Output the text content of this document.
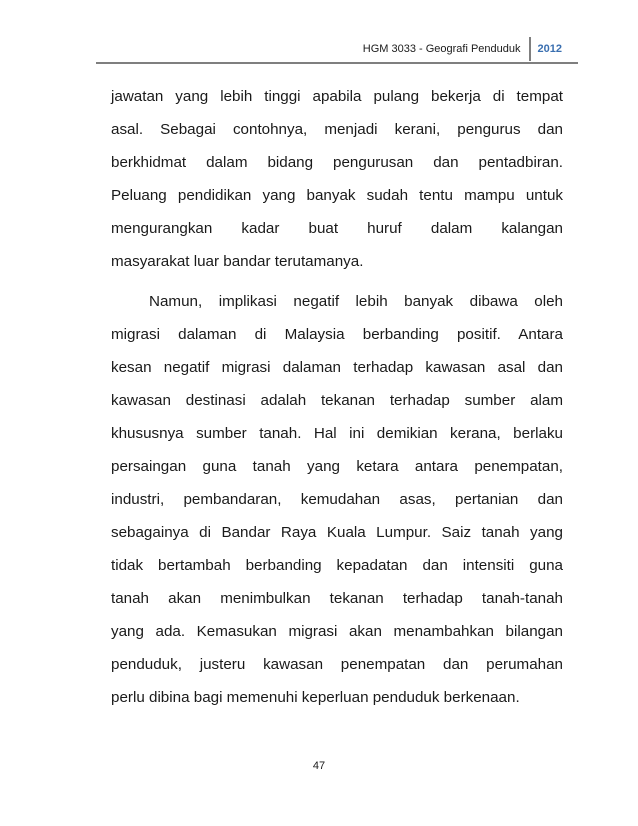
HGM 3033 - Geografi Penduduk	2012
jawatan yang lebih tinggi apabila pulang bekerja di tempat
asal. Sebagai contohnya, menjadi kerani, pengurus dan
berkhidmat dalam bidang pengurusan dan pentadbiran.
Peluang pendidikan yang banyak sudah tentu mampu untuk
mengurangkan kadar buat huruf dalam kalangan
masyarakat luar bandar terutamanya.
Namun, implikasi negatif lebih banyak dibawa oleh
migrasi dalaman di Malaysia berbanding positif. Antara
kesan negatif migrasi dalaman terhadap kawasan asal dan
kawasan destinasi adalah tekanan terhadap sumber alam
khususnya sumber tanah. Hal ini demikian kerana, berlaku
persaingan guna tanah yang ketara antara penempatan,
industri, pembandaran, kemudahan asas, pertanian dan
sebagainya di Bandar Raya Kuala Lumpur. Saiz tanah yang
tidak bertambah berbanding kepadatan dan intensiti guna
tanah akan menimbulkan tekanan terhadap tanah-tanah
yang ada. Kemasukan migrasi akan menambahkan bilangan
penduduk, justeru kawasan penempatan dan perumahan
perlu dibina bagi memenuhi keperluan penduduk berkenaan.
47
